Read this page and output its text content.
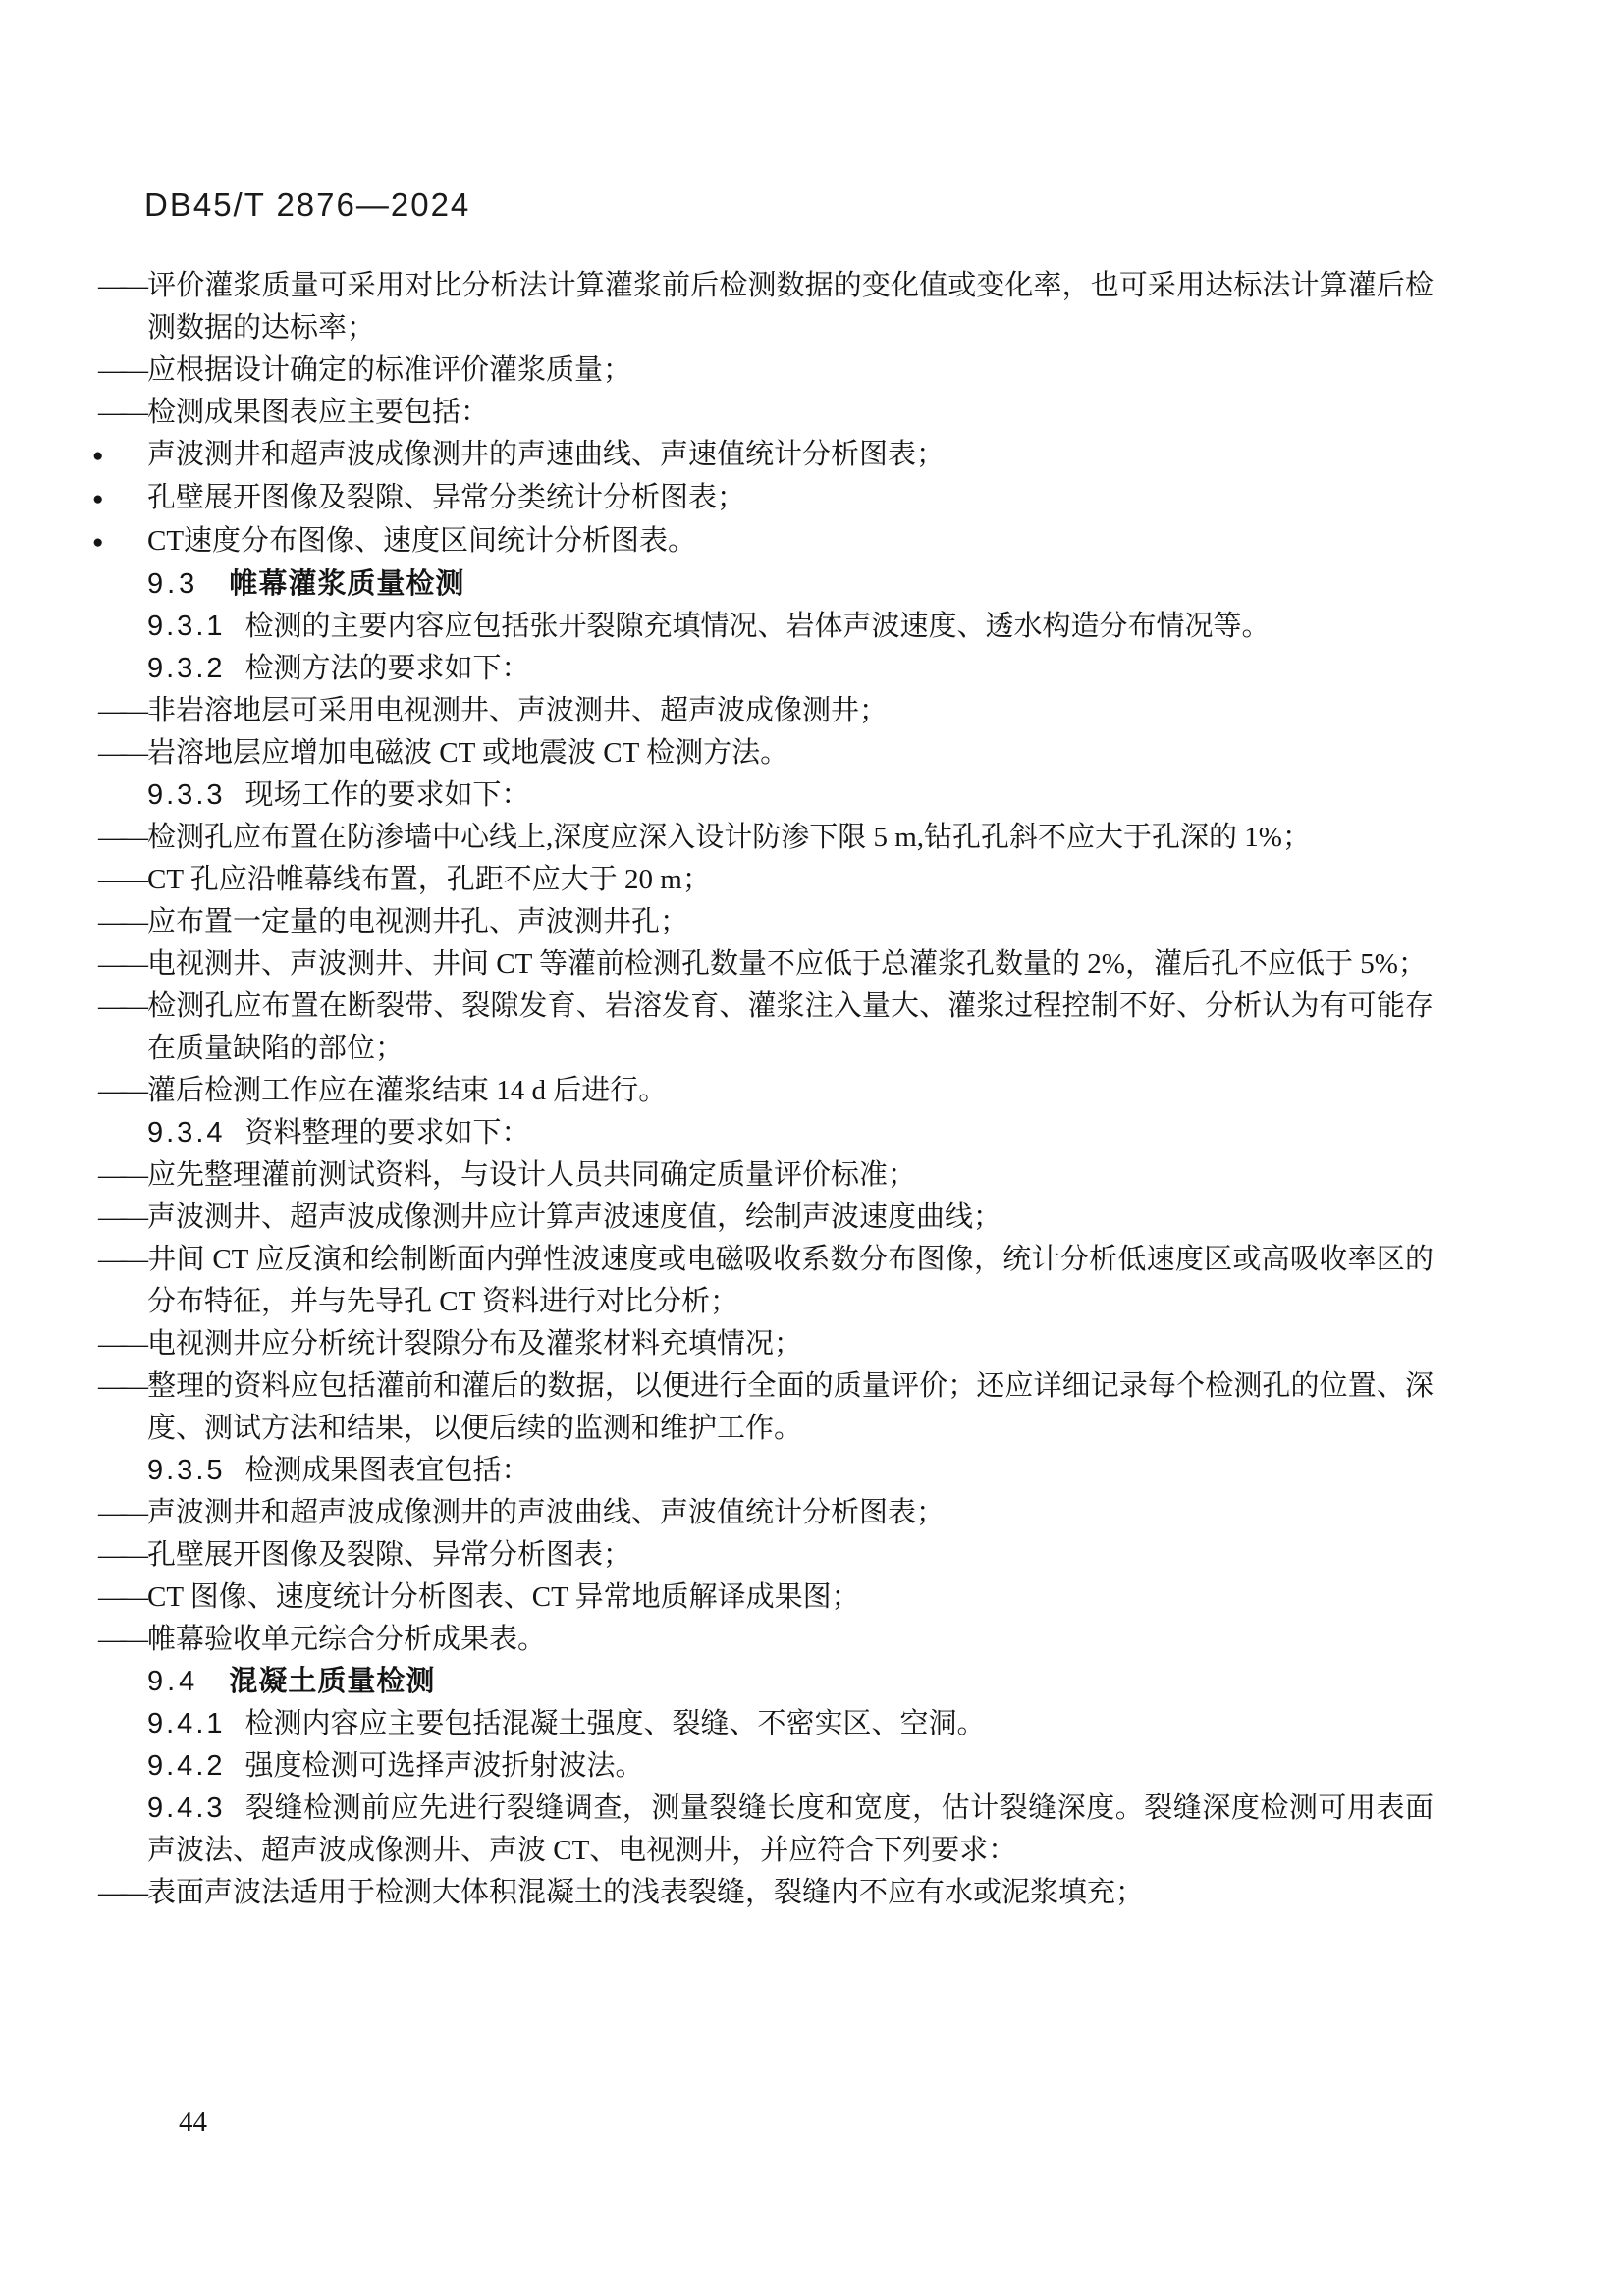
DB45/T 2876—2024

—— 评价灌浆质量可采用对比分析法计算灌浆前后检测数据的变化值或变化率，也可采用达标法计算灌后检测数据的达标率；

—— 应根据设计确定的标准评价灌浆质量；

—— 检测成果图表应主要包括：

● 声波测井和超声波成像测井的声速曲线、声速值统计分析图表；

● 孔壁展开图像及裂隙、异常分类统计分析图表；

● CT速度分布图像、速度区间统计分析图表。

9.3 帷幕灌浆质量检测

9.3.1 检测的主要内容应包括张开裂隙充填情况、岩体声波速度、透水构造分布情况等。

9.3.2 检测方法的要求如下：

—— 非岩溶地层可采用电视测井、声波测井、超声波成像测井；

—— 岩溶地层应增加电磁波 CT 或地震波 CT 检测方法。

9.3.3 现场工作的要求如下：

—— 检测孔应布置在防渗墙中心线上,深度应深入设计防渗下限 5 m,钻孔孔斜不应大于孔深的 1%；

—— CT 孔应沿帷幕线布置，孔距不应大于 20 m；

—— 应布置一定量的电视测井孔、声波测井孔；

—— 电视测井、声波测井、井间 CT 等灌前检测孔数量不应低于总灌浆孔数量的 2%，灌后孔不应低于 5%；

—— 检测孔应布置在断裂带、裂隙发育、岩溶发育、灌浆注入量大、灌浆过程控制不好、分析认为有可能存在质量缺陷的部位；

—— 灌后检测工作应在灌浆结束 14 d 后进行。

9.3.4 资料整理的要求如下：

—— 应先整理灌前测试资料，与设计人员共同确定质量评价标准；

—— 声波测井、超声波成像测井应计算声波速度值，绘制声波速度曲线；

—— 井间 CT 应反演和绘制断面内弹性波速度或电磁吸收系数分布图像，统计分析低速度区或高吸收率区的分布特征，并与先导孔 CT 资料进行对比分析；

—— 电视测井应分析统计裂隙分布及灌浆材料充填情况；

—— 整理的资料应包括灌前和灌后的数据，以便进行全面的质量评价；还应详细记录每个检测孔的位置、深度、测试方法和结果，以便后续的监测和维护工作。

9.3.5 检测成果图表宜包括：

—— 声波测井和超声波成像测井的声波曲线、声波值统计分析图表；

—— 孔壁展开图像及裂隙、异常分析图表；

—— CT 图像、速度统计分析图表、CT 异常地质解译成果图；

—— 帷幕验收单元综合分析成果表。

9.4 混凝土质量检测

9.4.1 检测内容应主要包括混凝土强度、裂缝、不密实区、空洞。

9.4.2 强度检测可选择声波折射波法。

9.4.3 裂缝检测前应先进行裂缝调查，测量裂缝长度和宽度，估计裂缝深度。裂缝深度检测可用表面声波法、超声波成像测井、声波 CT、电视测井，并应符合下列要求：

—— 表面声波法适用于检测大体积混凝土的浅表裂缝，裂缝内不应有水或泥浆填充；

44
